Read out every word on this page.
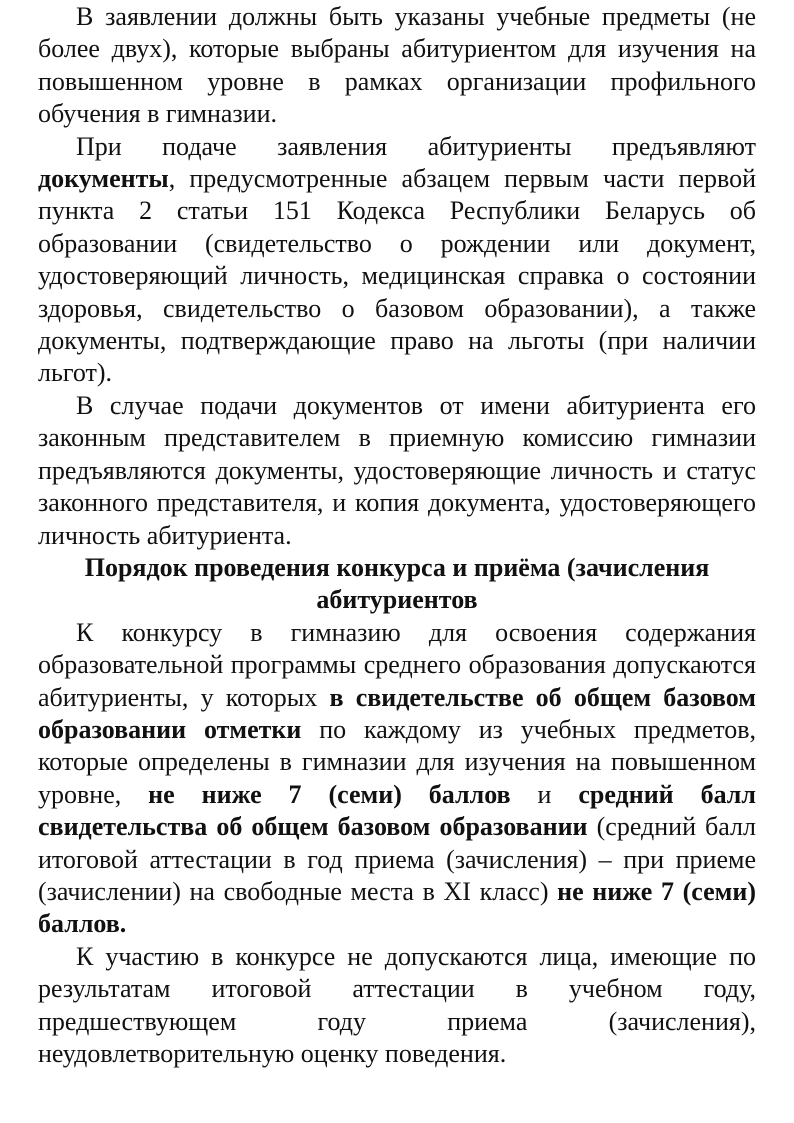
В заявлении должны быть указаны учебные предметы (не более двух), которые выбраны абитуриентом для изучения на повышенном уровне в рамках организации профильного обучения в гимназии.

При подаче заявления абитуриенты предъявляют документы, предусмотренные абзацем первым части первой пункта 2 статьи 151 Кодекса Республики Беларусь об образовании (свидетельство о рождении или документ, удостоверяющий личность, медицинская справка о состоянии здоровья, свидетельство о базовом образовании), а также документы, подтверждающие право на льготы (при наличии льгот).

В случае подачи документов от имени абитуриента его законным представителем в приемную комиссию гимназии предъявляются документы, удостоверяющие личность и статус законного представителя, и копия документа, удостоверяющего личность абитуриента.

Порядок проведения конкурса и приёма (зачисления абитуриентов

К конкурсу в гимназию для освоения содержания образовательной программы среднего образования допускаются абитуриенты, у которых в свидетельстве об общем базовом образовании отметки по каждому из учебных предметов, которые определены в гимназии для изучения на повышенном уровне, не ниже 7 (семи) баллов и средний балл свидетельства об общем базовом образовании (средний балл итоговой аттестации в год приема (зачисления) – при приеме (зачислении) на свободные места в XI класс) не ниже 7 (семи) баллов.

К участию в конкурсе не допускаются лица, имеющие по результатам итоговой аттестации в учебном году, предшествующем году приема (зачисления), неудовлетворительную оценку поведения.
